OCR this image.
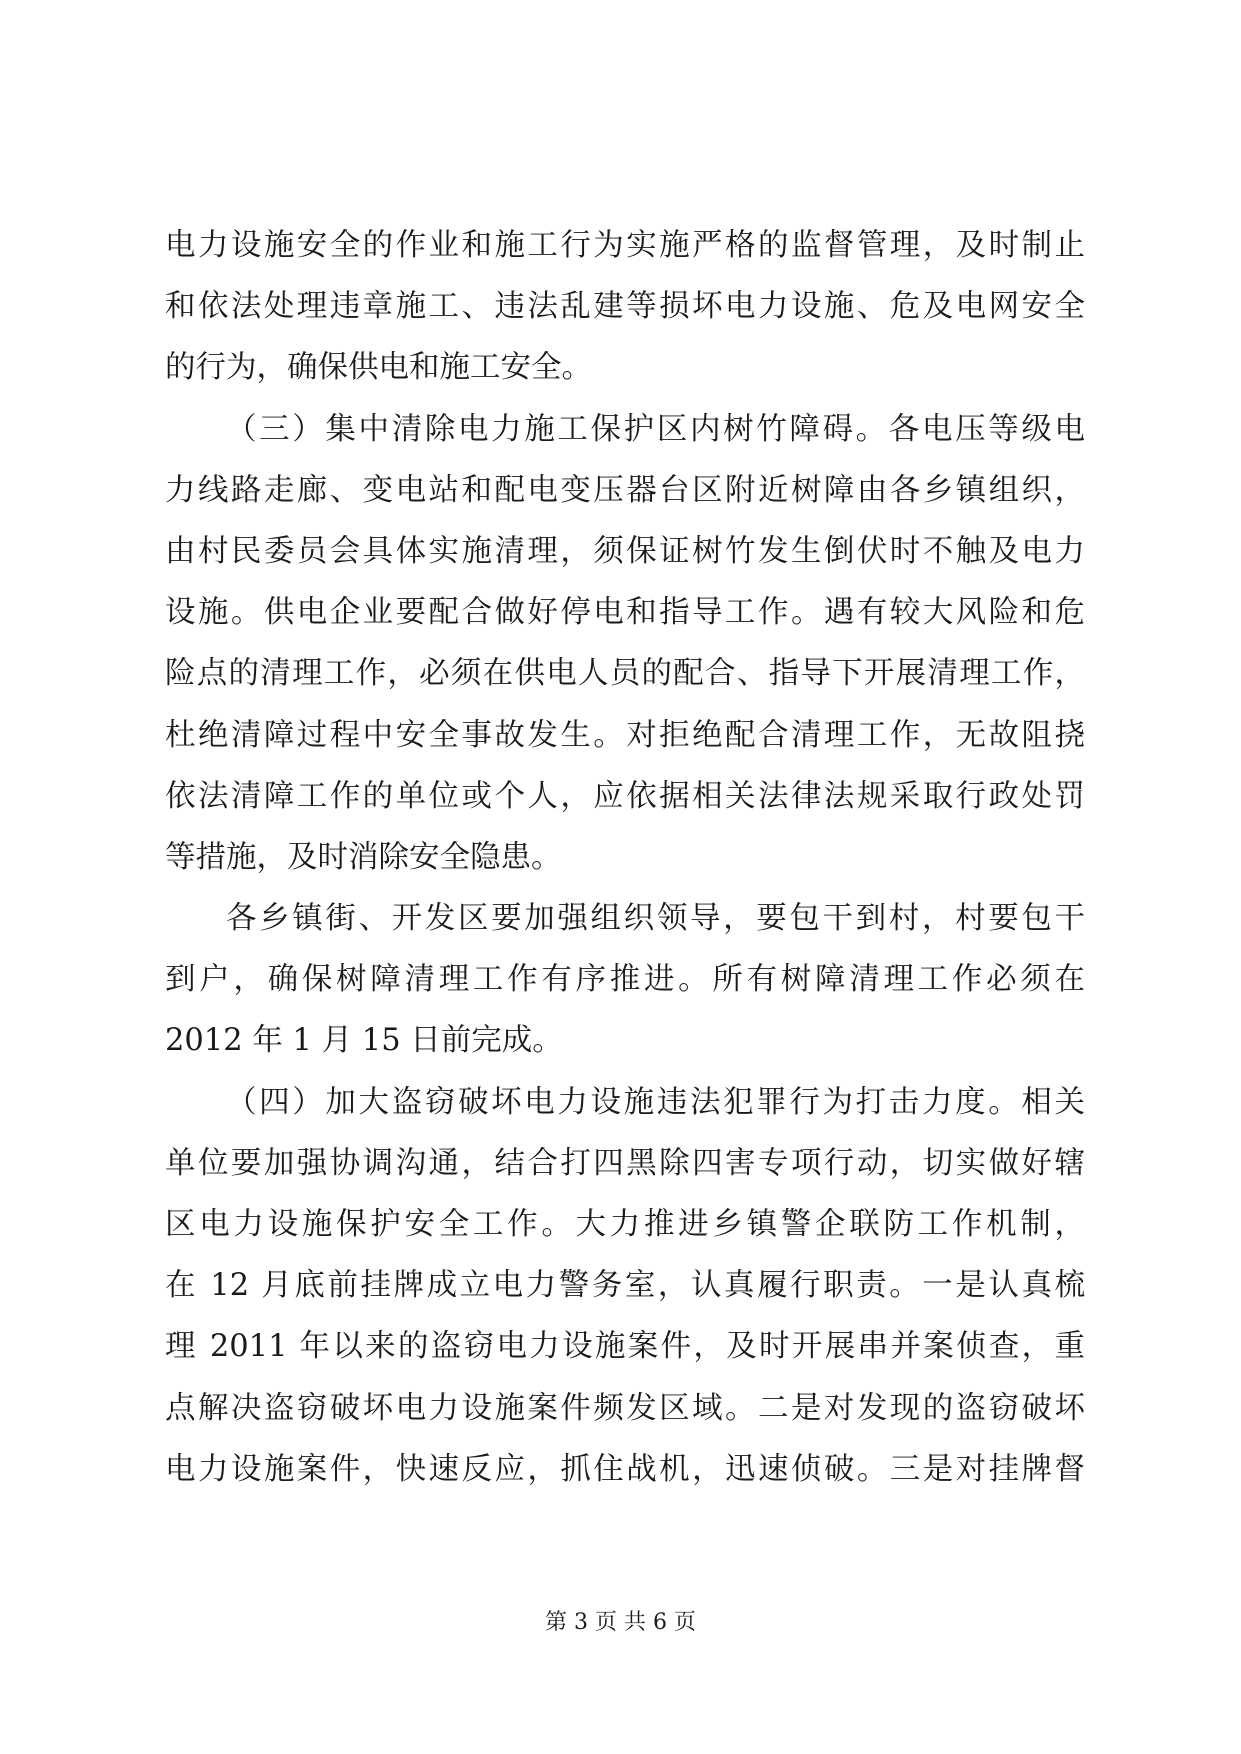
电力设施安全的作业和施工行为实施严格的监督管理，及时制止
和依法处理违章施工、违法乱建等损坏电力设施、危及电网安全
的行为，确保供电和施工安全。
（三）集中清除电力施工保护区内树竹障碍。各电压等级电
力线路走廊、变电站和配电变压器台区附近树障由各乡镇组织，
由村民委员会具体实施清理，须保证树竹发生倒伏时不触及电力
设施。供电企业要配合做好停电和指导工作。遇有较大风险和危
险点的清理工作，必须在供电人员的配合、指导下开展清理工作，
杜绝清障过程中安全事故发生。对拒绝配合清理工作，无故阻挠
依法清障工作的单位或个人，应依据相关法律法规采取行政处罚
等措施，及时消除安全隐患。
各乡镇街、开发区要加强组织领导，要包干到村，村要包干
到户，确保树障清理工作有序推进。所有树障清理工作必须在
2012 年 1 月 15 日前完成。
（四）加大盗窃破坏电力设施违法犯罪行为打击力度。相关
单位要加强协调沟通，结合打四黑除四害专项行动，切实做好辖
区电力设施保护安全工作。大力推进乡镇警企联防工作机制，
在 12 月底前挂牌成立电力警务室，认真履行职责。一是认真梳
理 2011 年以来的盗窃电力设施案件，及时开展串并案侦查，重
点解决盗窃破坏电力设施案件频发区域。二是对发现的盗窃破坏
电力设施案件，快速反应，抓住战机，迅速侦破。三是对挂牌督
第 3 页 共 6 页
